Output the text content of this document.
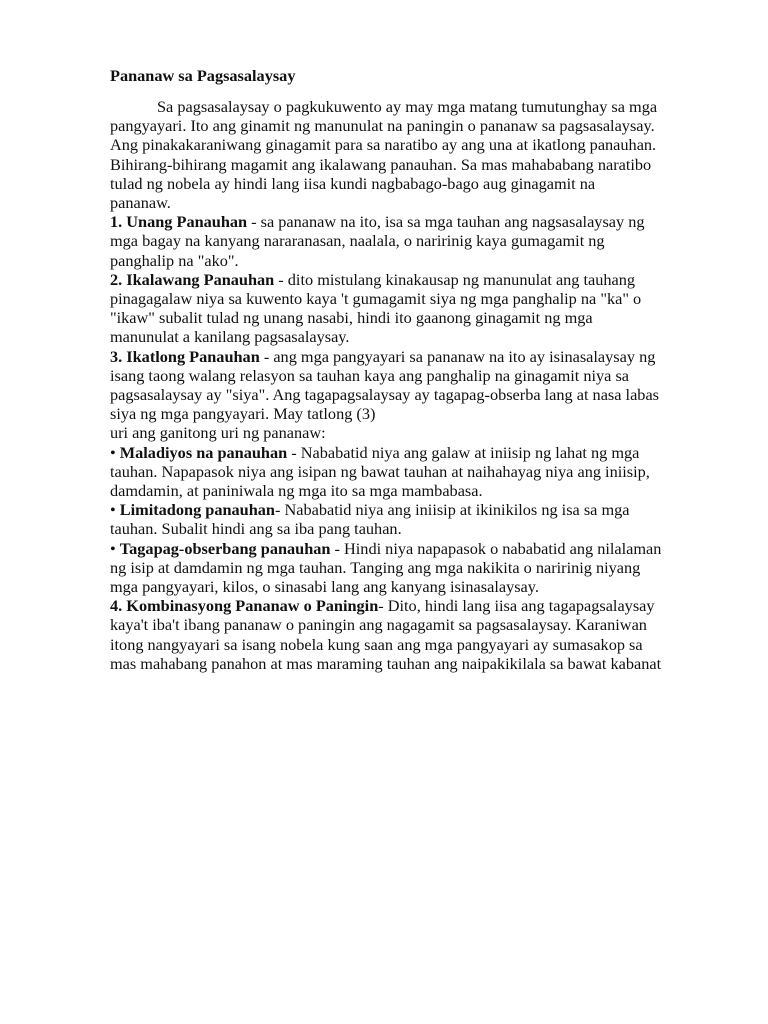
Pananaw sa Pagsasalaysay

Sa pagsasalaysay o pagkukuwento ay may mga matang tumutunghay sa mga
pangyayari. Ito ang ginamit ng manunulat na paningin o pananaw sa pagsasalaysay.
Ang pinakakaraniwang ginagamit para sa naratibo ay ang una at ikatlong panauhan.
Bihirang-bihirang magamit ang ikalawang panauhan. Sa mas mahababang naratibo
tulad ng nobela ay hindi lang iisa kundi nagbabago-bago aug ginagamit na
pananaw.

1. Unang Panauhan - sa pananaw na ito, isa sa mga tauhan ang nagsasalaysay ng
mga bagay na kanyang nararanasan, naalala, o naririnig kaya gumagamit ng
panghalip na "ako".

2. Ikalawang Panauhan - dito mistulang kinakausap ng manunulat ang tauhang
pinagagalaw niya sa kuwento kaya 't gumagamit siya ng mga panghalip na "ka" o
"ikaw" subalit tulad ng unang nasabi, hindi ito gaanong ginagamit ng mga
manunulat a kanilang pagsasalaysay.

3. Ikatlong Panauhan - ang mga pangyayari sa pananaw na ito ay isinasalaysay ng
isang taong walang relasyon sa tauhan kaya ang panghalip na ginagamit niya sa
pagsasalaysay ay "siya". Ang tagapagsalaysay ay tagapag-obserba lang at nasa labas
siya ng mga pangyayari. May tatlong (3)
uri ang ganitong uri ng pananaw:

• Maladiyos na panauhan - Nababatid niya ang galaw at iniisip ng lahat ng mga
tauhan. Napapasok niya ang isipan ng bawat tauhan at naihahayag niya ang iniisip,
damdamin, at paniniwala ng mga ito sa mga mambabasa.

• Limitadong panauhan- Nababatid niya ang iniisip at ikinikilos ng isa sa mga
tauhan. Subalit hindi ang sa iba pang tauhan.

• Tagapag-obserbang panauhan - Hindi niya napapasok o nababatid ang nilalaman
ng isip at damdamin ng mga tauhan. Tanging ang mga nakikita o naririnig niyang
mga pangyayari, kilos, o sinasabi lang ang kanyang isinasalaysay.

4. Kombinasyong Pananaw o Paningin- Dito, hindi lang iisa ang tagapagsalaysay
kaya't iba't ibang pananaw o paningin ang nagagamit sa pagsasalaysay. Karaniwan
itong nangyayari sa isang nobela kung saan ang mga pangyayari ay sumasakop sa
mas mahabang panahon at mas maraming tauhan ang naipakikilala sa bawat kabanat
